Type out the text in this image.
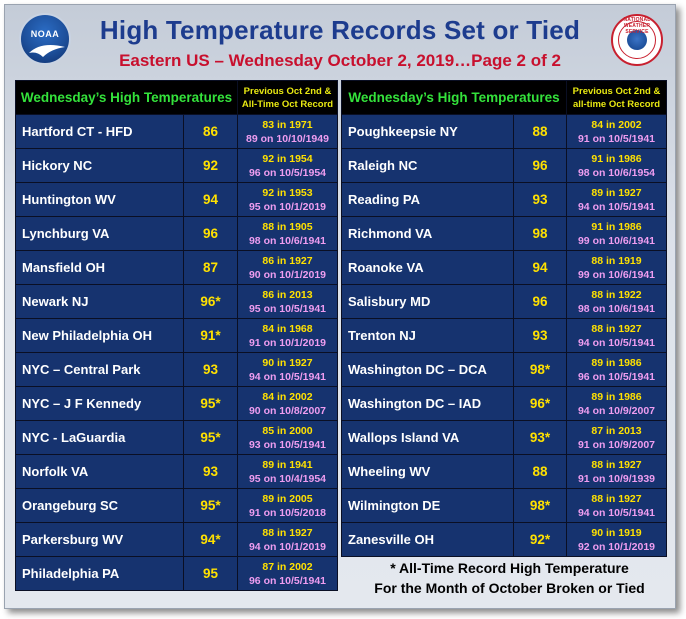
NOAA
NATIONAL WEATHER SERVICE
High Temperature Records Set or Tied
Eastern US – Wednesday October 2, 2019…Page 2 of 2
Wednesday’s High Temperatures		Previous Oct 2nd &
All-Time Oct Record

Hartford CT - HFD	86	83 in 1971
89 on 10/10/1949

Hickory NC	92	92 in 1954
96 on 10/5/1954

Huntington WV	94	92 in 1953
95 on 10/1/2019

Lynchburg VA	96	88 in 1905
98 on 10/6/1941

Mansfield OH	87	86 in 1927
90 on 10/1/2019

Newark NJ	96*	86 in 2013
95 on 10/5/1941

New Philadelphia OH	91*	84 in 1968
91 on 10/1/2019

NYC – Central Park	93	90 in 1927
94 on 10/5/1941

NYC – J F Kennedy	95*	84 in 2002
90 on 10/8/2007

NYC - LaGuardia	95*	85 in 2000
93 on 10/5/1941

Norfolk VA	93	89 in 1941
95 on 10/4/1954

Orangeburg SC	95*	89 in 2005
91 on 10/5/2018

Parkersburg WV	94*	88 in 1927
94 on 10/1/2019

Philadelphia PA	95	87 in 2002
96 on 10/5/1941
Wednesday’s High Temperatures		Previous Oct 2nd &
all-time Oct Record

Poughkeepsie NY	88	84 in 2002
91 on 10/5/1941

Raleigh NC	96	91 in 1986
98 on 10/6/1954

Reading PA	93	89 in 1927
94 on 10/5/1941

Richmond VA	98	91 in 1986
99 on 10/6/1941

Roanoke VA	94	88 in 1919
99 on 10/6/1941

Salisbury MD	96	88 in 1922
98 on 10/6/1941

Trenton NJ	93	88 in 1927
94 on 10/5/1941

Washington DC – DCA	98*	89 in 1986
96 on 10/5/1941

Washington DC – IAD	96*	89 in 1986
94 on 10/9/2007

Wallops Island VA	93*	87 in 2013
91 on 10/9/2007

Wheeling WV	88	88 in 1927
91 on 10/9/1939

Wilmington DE	98*	88 in 1927
94 on 10/5/1941

Zanesville OH	92*	90 in 1919
92 on 10/1/2019
* All-Time Record High Temperature
For the Month of October Broken or Tied
